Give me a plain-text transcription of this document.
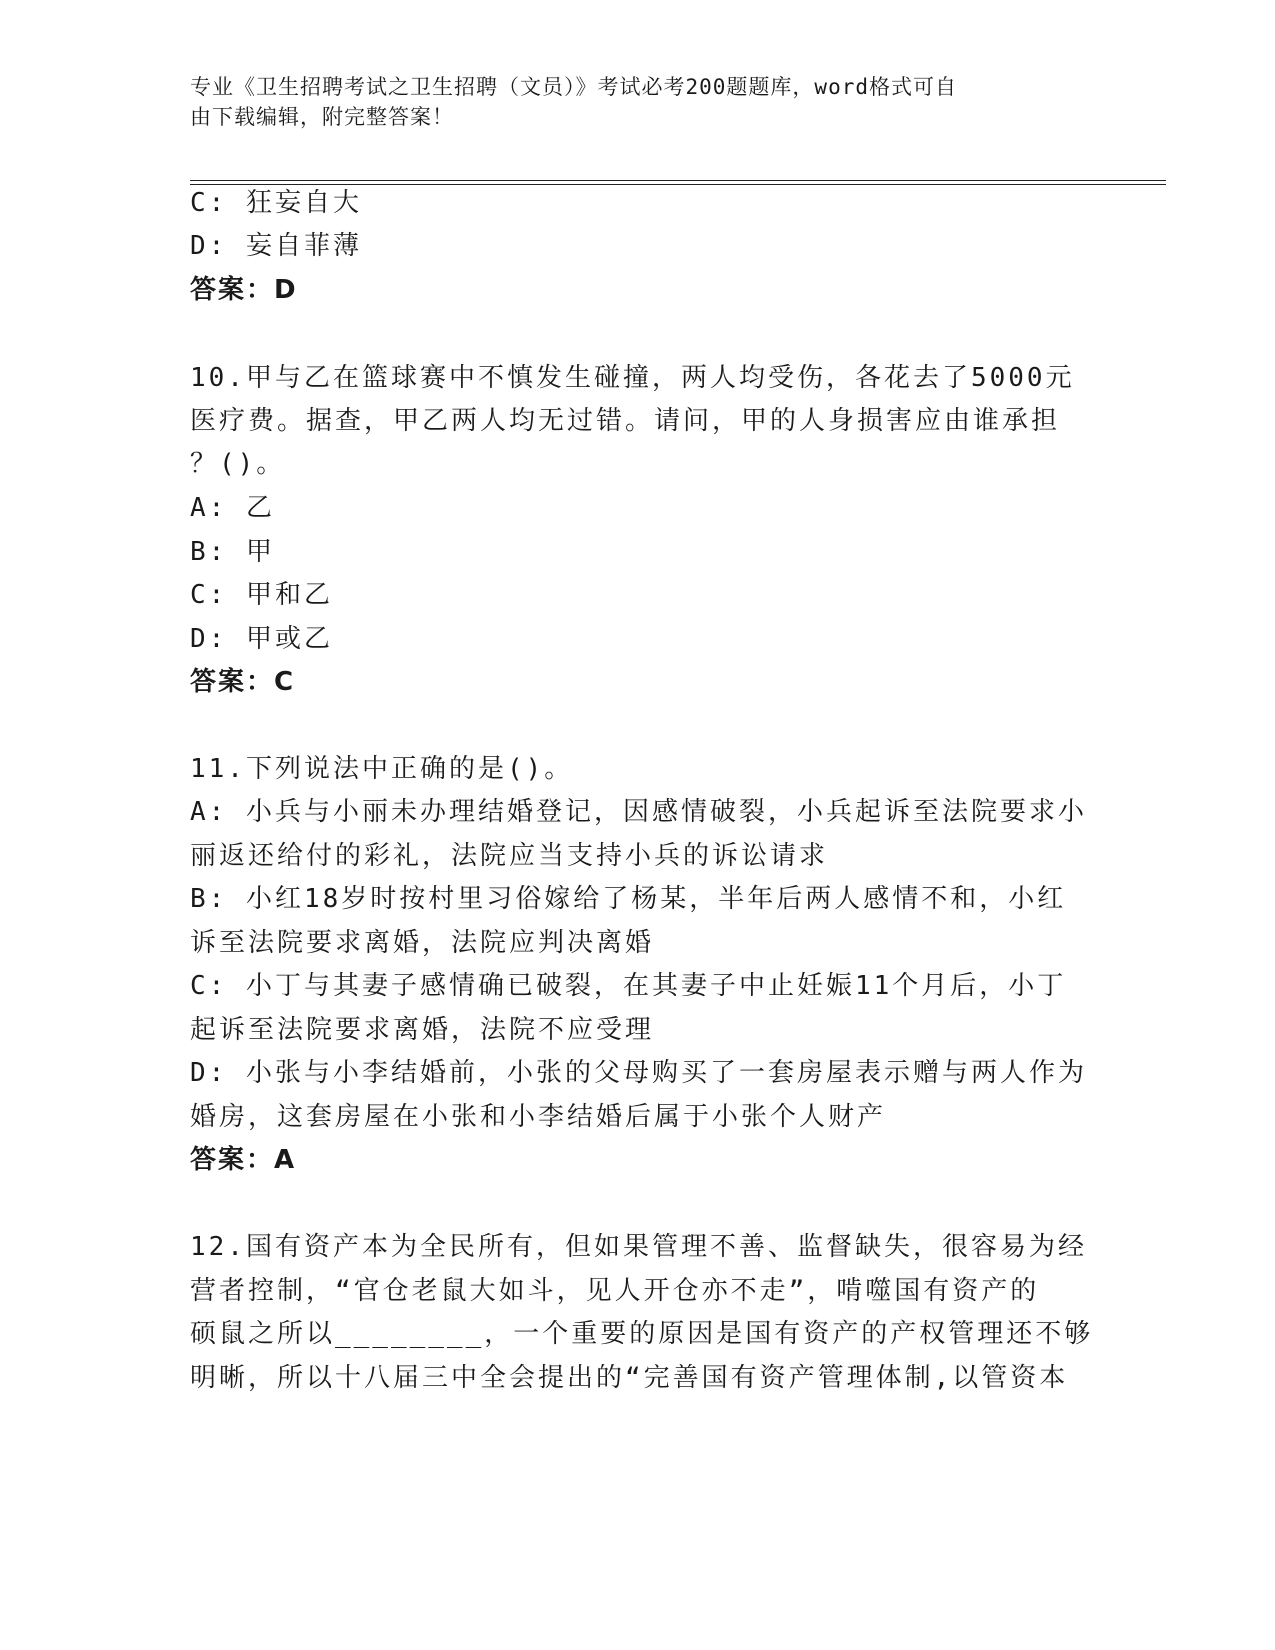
专业《卫生招聘考试之卫生招聘（文员）》考试必考200题题库，word格式可自
由下载编辑，附完整答案！
C: 狂妄自大
D: 妄自菲薄
答案：D
10.甲与乙在篮球赛中不慎发生碰撞，两人均受伤，各花去了5000元
医疗费。据查，甲乙两人均无过错。请问，甲的人身损害应由谁承担
？()。
A: 乙
B: 甲
C: 甲和乙
D: 甲或乙
答案：C
11.下列说法中正确的是()。
A: 小兵与小丽未办理结婚登记，因感情破裂，小兵起诉至法院要求小
丽返还给付的彩礼，法院应当支持小兵的诉讼请求
B: 小红18岁时按村里习俗嫁给了杨某，半年后两人感情不和，小红
诉至法院要求离婚，法院应判决离婚
C: 小丁与其妻子感情确已破裂，在其妻子中止妊娠11个月后，小丁
起诉至法院要求离婚，法院不应受理
D: 小张与小李结婚前，小张的父母购买了一套房屋表示赠与两人作为
婚房，这套房屋在小张和小李结婚后属于小张个人财产
答案：A
12.国有资产本为全民所有，但如果管理不善、监督缺失，很容易为经
营者控制，“官仓老鼠大如斗，见人开仓亦不走”，啃噬国有资产的
硕鼠之所以________，一个重要的原因是国有资产的产权管理还不够
明晰，所以十八届三中全会提出的“完善国有资产管理体制,以管资本
